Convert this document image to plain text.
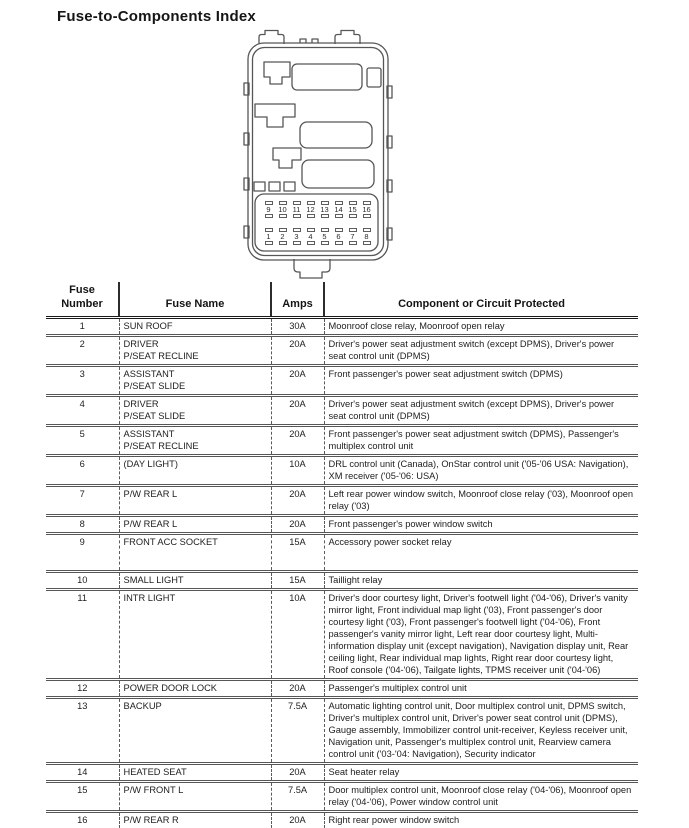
Fuse-to-Components Index
9 10 11 12 13 14 15 16
1 2 3 4 5 6 7 8
Fuse
Number	Fuse Name	Amps	Component or Circuit Protected
1	SUN ROOF	30A	Moonroof close relay, Moonroof open relay
2	DRIVER
P/SEAT RECLINE	20A	Driver's power seat adjustment switch (except DPMS), Driver's power seat control unit (DPMS)
3	ASSISTANT
P/SEAT SLIDE	20A	Front passenger's power seat adjustment switch (DPMS)
4	DRIVER
P/SEAT SLIDE	20A	Driver's power seat adjustment switch (except DPMS), Driver's power seat control unit (DPMS)
5	ASSISTANT
P/SEAT RECLINE	20A	Front passenger's power seat adjustment switch (DPMS), Passenger's multiplex control unit
6	(DAY LIGHT)	10A	DRL control unit (Canada), OnStar control unit ('05-'06 USA: Navigation), XM receiver ('05-'06: USA)
7	P/W REAR L	20A	Left rear power window switch, Moonroof close relay ('03), Moonroof open relay ('03)
8	P/W REAR L	20A	Front passenger's power window switch
9	FRONT ACC SOCKET	15A	Accessory power socket relay
10	SMALL LIGHT	15A	Taillight relay
11	INTR LIGHT	10A	Driver's door courtesy light, Driver's footwell light ('04-'06), Driver's vanity mirror light, Front individual map light ('03), Front passenger's door courtesy light ('03), Front passenger's footwell light ('04-'06), Front passenger's vanity mirror light, Left rear door courtesy light, Multi-information display unit (except navigation), Navigation display unit, Rear ceiling light, Rear individual map lights, Right rear door courtesy light, Roof console ('04-'06), Tailgate lights, TPMS receiver unit ('04-'06)
12	POWER DOOR LOCK	20A	Passenger's multiplex control unit
13	BACKUP	7.5A	Automatic lighting control unit, Door multiplex control unit, DPMS switch, Driver's multiplex control unit, Driver's power seat control unit (DPMS), Gauge assembly, Immobilizer control unit-receiver, Keyless receiver unit, Navigation unit, Passenger's multiplex control unit, Rearview camera control unit ('03-'04: Navigation), Security indicator
14	HEATED SEAT	20A	Seat heater relay
15	P/W FRONT L	7.5A	Door multiplex control unit, Moonroof close relay ('04-'06), Moonroof open relay ('04-'06), Power window control unit
16	P/W REAR R	20A	Right rear power window switch
